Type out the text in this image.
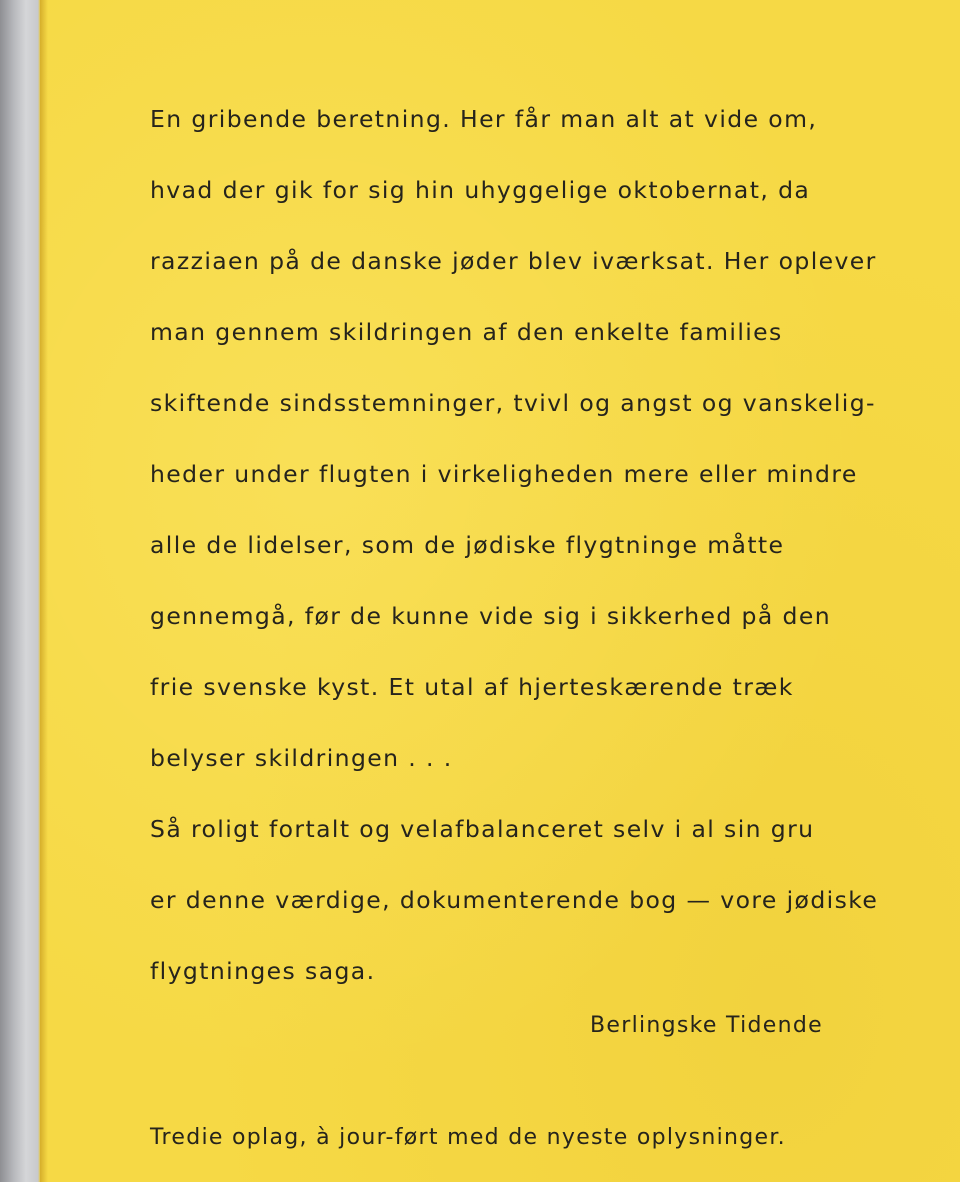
En gribende beretning. Her får man alt at vide om,

hvad der gik for sig hin uhyggelige oktobernat, da

razziaen på de danske jøder blev iværksat. Her oplever

man gennem skildringen af den enkelte families

skiftende sindsstemninger, tvivl og angst og vanskelig-

heder under flugten i virkeligheden mere eller mindre

alle de lidelser, som de jødiske flygtninge måtte

gennemgå, før de kunne vide sig i sikkerhed på den

frie svenske kyst. Et utal af hjerteskærende træk

belyser skildringen . . .

Så roligt fortalt og velafbalanceret selv i al sin gru

er denne værdige, dokumenterende bog — vore jødiske

flygtninges saga.

Berlingske Tidende

Tredie oplag, à jour-ført med de nyeste oplysninger.
